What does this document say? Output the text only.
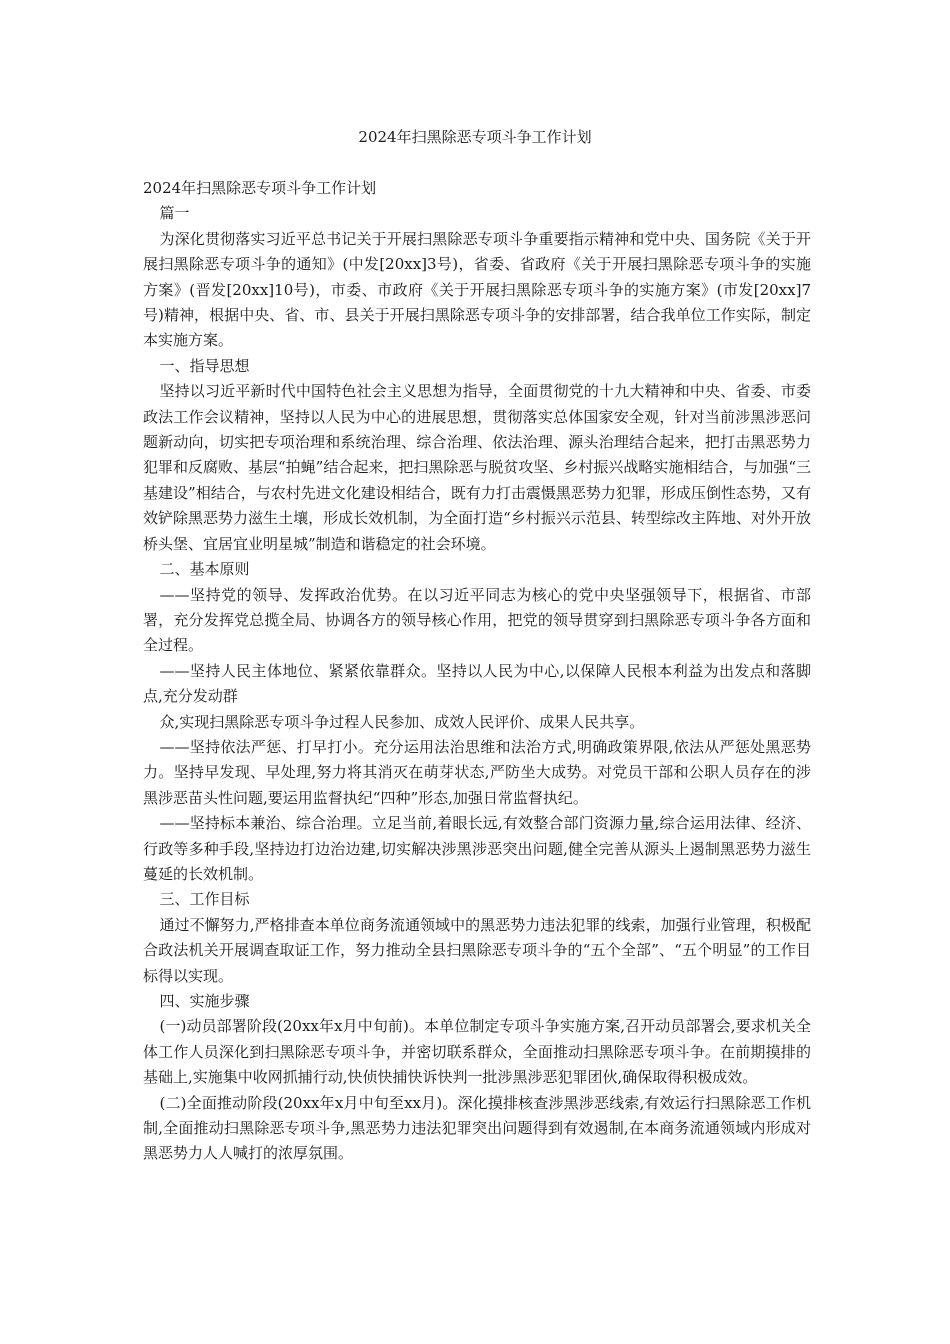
2024年扫黑除恶专项斗争工作计划

2024年扫黑除恶专项斗争工作计划

篇一

为深化贯彻落实习近平总书记关于开展扫黑除恶专项斗争重要指示精神和党中央、国务院《关于开展扫黑除恶专项斗争的通知》(中发[20xx]3号)，省委、省政府《关于开展扫黑除恶专项斗争的实施方案》(晋发[20xx]10号)，市委、市政府《关于开展扫黑除恶专项斗争的实施方案》(市发[20xx]7号)精神，根据中央、省、市、县关于开展扫黑除恶专项斗争的安排部署，结合我单位工作实际，制定本实施方案。

一、指导思想

坚持以习近平新时代中国特色社会主义思想为指导，全面贯彻党的十九大精神和中央、省委、市委政法工作会议精神，坚持以人民为中心的进展思想，贯彻落实总体国家安全观，针对当前涉黑涉恶问题新动向，切实把专项治理和系统治理、综合治理、依法治理、源头治理结合起来，把打击黑恶势力犯罪和反腐败、基层“拍蝇”结合起来，把扫黑除恶与脱贫攻坚、乡村振兴战略实施相结合，与加强“三基建设”相结合，与农村先进文化建设相结合，既有力打击震慑黑恶势力犯罪，形成压倒性态势，又有效铲除黑恶势力滋生土壤，形成长效机制，为全面打造“乡村振兴示范县、转型综改主阵地、对外开放桥头堡、宜居宜业明星城”制造和谐稳定的社会环境。

二、基本原则

——坚持党的领导、发挥政治优势。在以习近平同志为核心的党中央坚强领导下，根据省、市部署，充分发挥党总揽全局、协调各方的领导核心作用，把党的领导贯穿到扫黑除恶专项斗争各方面和全过程。

——坚持人民主体地位、紧紧依靠群众。坚持以人民为中心,以保障人民根本利益为出发点和落脚点,充分发动群

众,实现扫黑除恶专项斗争过程人民参加、成效人民评价、成果人民共享。

——坚持依法严惩、打早打小。充分运用法治思维和法治方式,明确政策界限,依法从严惩处黑恶势力。坚持早发现、早处理,努力将其消灭在萌芽状态,严防坐大成势。对党员干部和公职人员存在的涉黑涉恶苗头性问题,要运用监督执纪“四种”形态,加强日常监督执纪。

——坚持标本兼治、综合治理。立足当前,着眼长远,有效整合部门资源力量,综合运用法律、经济、行政等多种手段,坚持边打边治边建,切实解决涉黑涉恶突出问题,健全完善从源头上遏制黑恶势力滋生蔓延的长效机制。

三、工作目标

通过不懈努力,严格排查本单位商务流通领域中的黑恶势力违法犯罪的线索，加强行业管理，积极配合政法机关开展调查取证工作，努力推动全县扫黑除恶专项斗争的“五个全部”、“五个明显”的工作目标得以实现。

四、实施步骤

(一)动员部署阶段(20xx年x月中旬前)。本单位制定专项斗争实施方案,召开动员部署会,要求机关全体工作人员深化到扫黑除恶专项斗争，并密切联系群众，全面推动扫黑除恶专项斗争。在前期摸排的基础上,实施集中收网抓捕行动,快侦快捕快诉快判一批涉黑涉恶犯罪团伙,确保取得积极成效。

(二)全面推动阶段(20xx年x月中旬至xx月)。深化摸排核查涉黑涉恶线索,有效运行扫黑除恶工作机制,全面推动扫黑除恶专项斗争,黑恶势力违法犯罪突出问题得到有效遏制,在本商务流通领域内形成对黑恶势力人人喊打的浓厚氛围。
